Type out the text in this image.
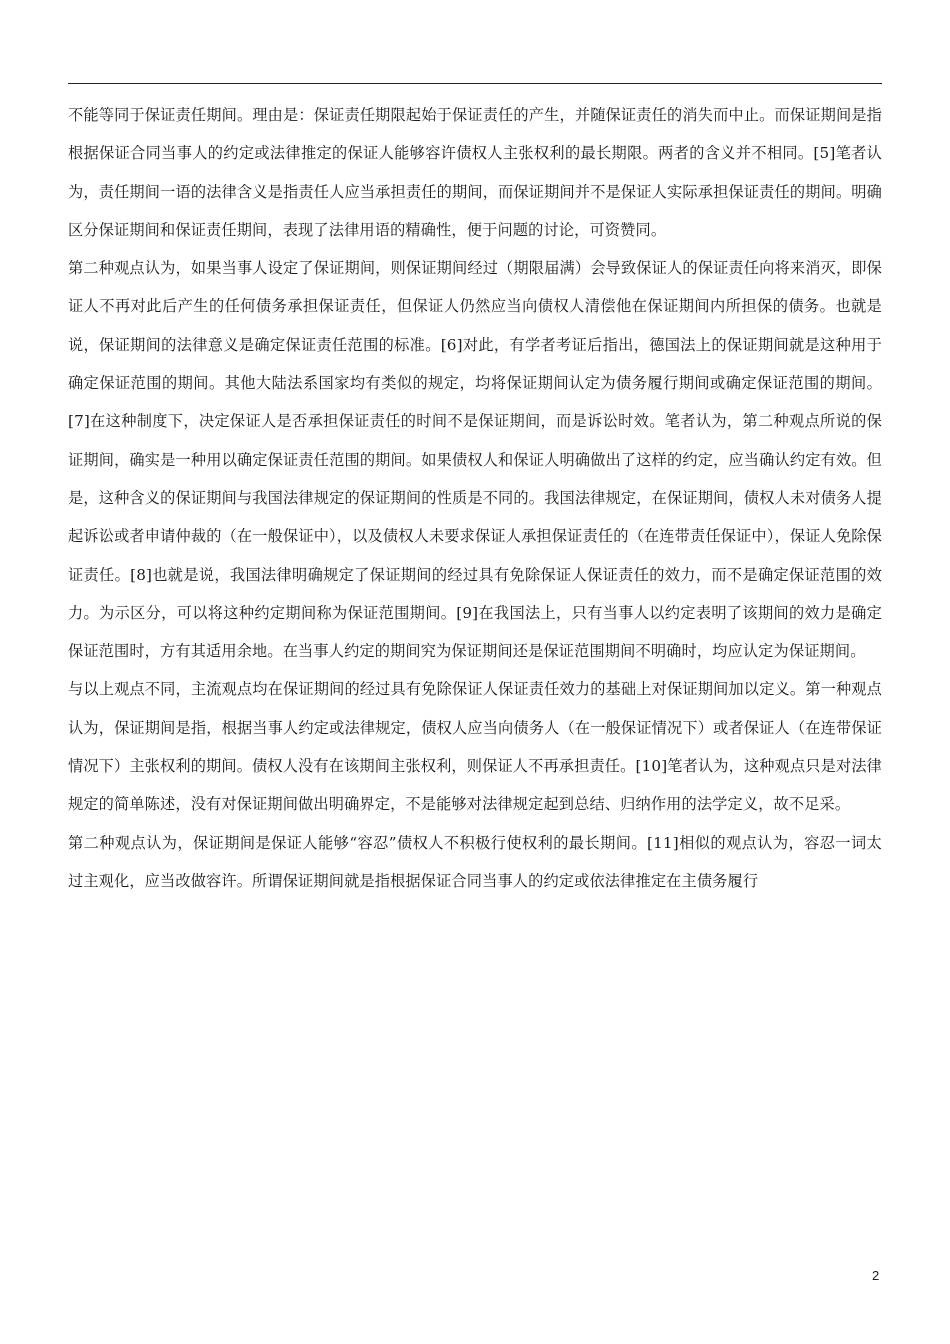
不能等同于保证责任期间。理由是：保证责任期限起始于保证责任的产生，并随保证责任的消失而中止。而保证期间是指根据保证合同当事人的约定或法律推定的保证人能够容许债权人主张权利的最长期限。两者的含义并不相同。[5]笔者认为，责任期间一语的法律含义是指责任人应当承担责任的期间，而保证期间并不是保证人实际承担保证责任的期间。明确区分保证期间和保证责任期间，表现了法律用语的精确性，便于问题的讨论，可资赞同。

第二种观点认为，如果当事人设定了保证期间，则保证期间经过（期限届满）会导致保证人的保证责任向将来消灭，即保证人不再对此后产生的任何债务承担保证责任，但保证人仍然应当向债权人清偿他在保证期间内所担保的债务。也就是说，保证期间的法律意义是确定保证责任范围的标准。[6]对此，有学者考证后指出，德国法上的保证期间就是这种用于确定保证范围的期间。其他大陆法系国家均有类似的规定，均将保证期间认定为债务履行期间或确定保证范围的期间。[7]在这种制度下，决定保证人是否承担保证责任的时间不是保证期间，而是诉讼时效。笔者认为，第二种观点所说的保证期间，确实是一种用以确定保证责任范围的期间。如果债权人和保证人明确做出了这样的约定，应当确认约定有效。但是，这种含义的保证期间与我国法律规定的保证期间的性质是不同的。我国法律规定，在保证期间，债权人未对债务人提起诉讼或者申请仲裁的（在一般保证中），以及债权人未要求保证人承担保证责任的（在连带责任保证中），保证人免除保证责任。[8]也就是说，我国法律明确规定了保证期间的经过具有免除保证人保证责任的效力，而不是确定保证范围的效力。为示区分，可以将这种约定期间称为保证范围期间。[9]在我国法上，只有当事人以约定表明了该期间的效力是确定保证范围时，方有其适用余地。在当事人约定的期间究为保证期间还是保证范围期间不明确时，均应认定为保证期间。

与以上观点不同，主流观点均在保证期间的经过具有免除保证人保证责任效力的基础上对保证期间加以定义。第一种观点认为，保证期间是指，根据当事人约定或法律规定，债权人应当向债务人（在一般保证情况下）或者保证人（在连带保证情况下）主张权利的期间。债权人没有在该期间主张权利，则保证人不再承担责任。[10]笔者认为，这种观点只是对法律规定的简单陈述，没有对保证期间做出明确界定，不是能够对法律规定起到总结、归纳作用的法学定义，故不足采。

第二种观点认为，保证期间是保证人能够“容忍”债权人不积极行使权利的最长期间。[11]相似的观点认为，容忍一词太过主观化，应当改做容许。所谓保证期间就是指根据保证合同当事人的约定或依法律推定在主债务履行

2
